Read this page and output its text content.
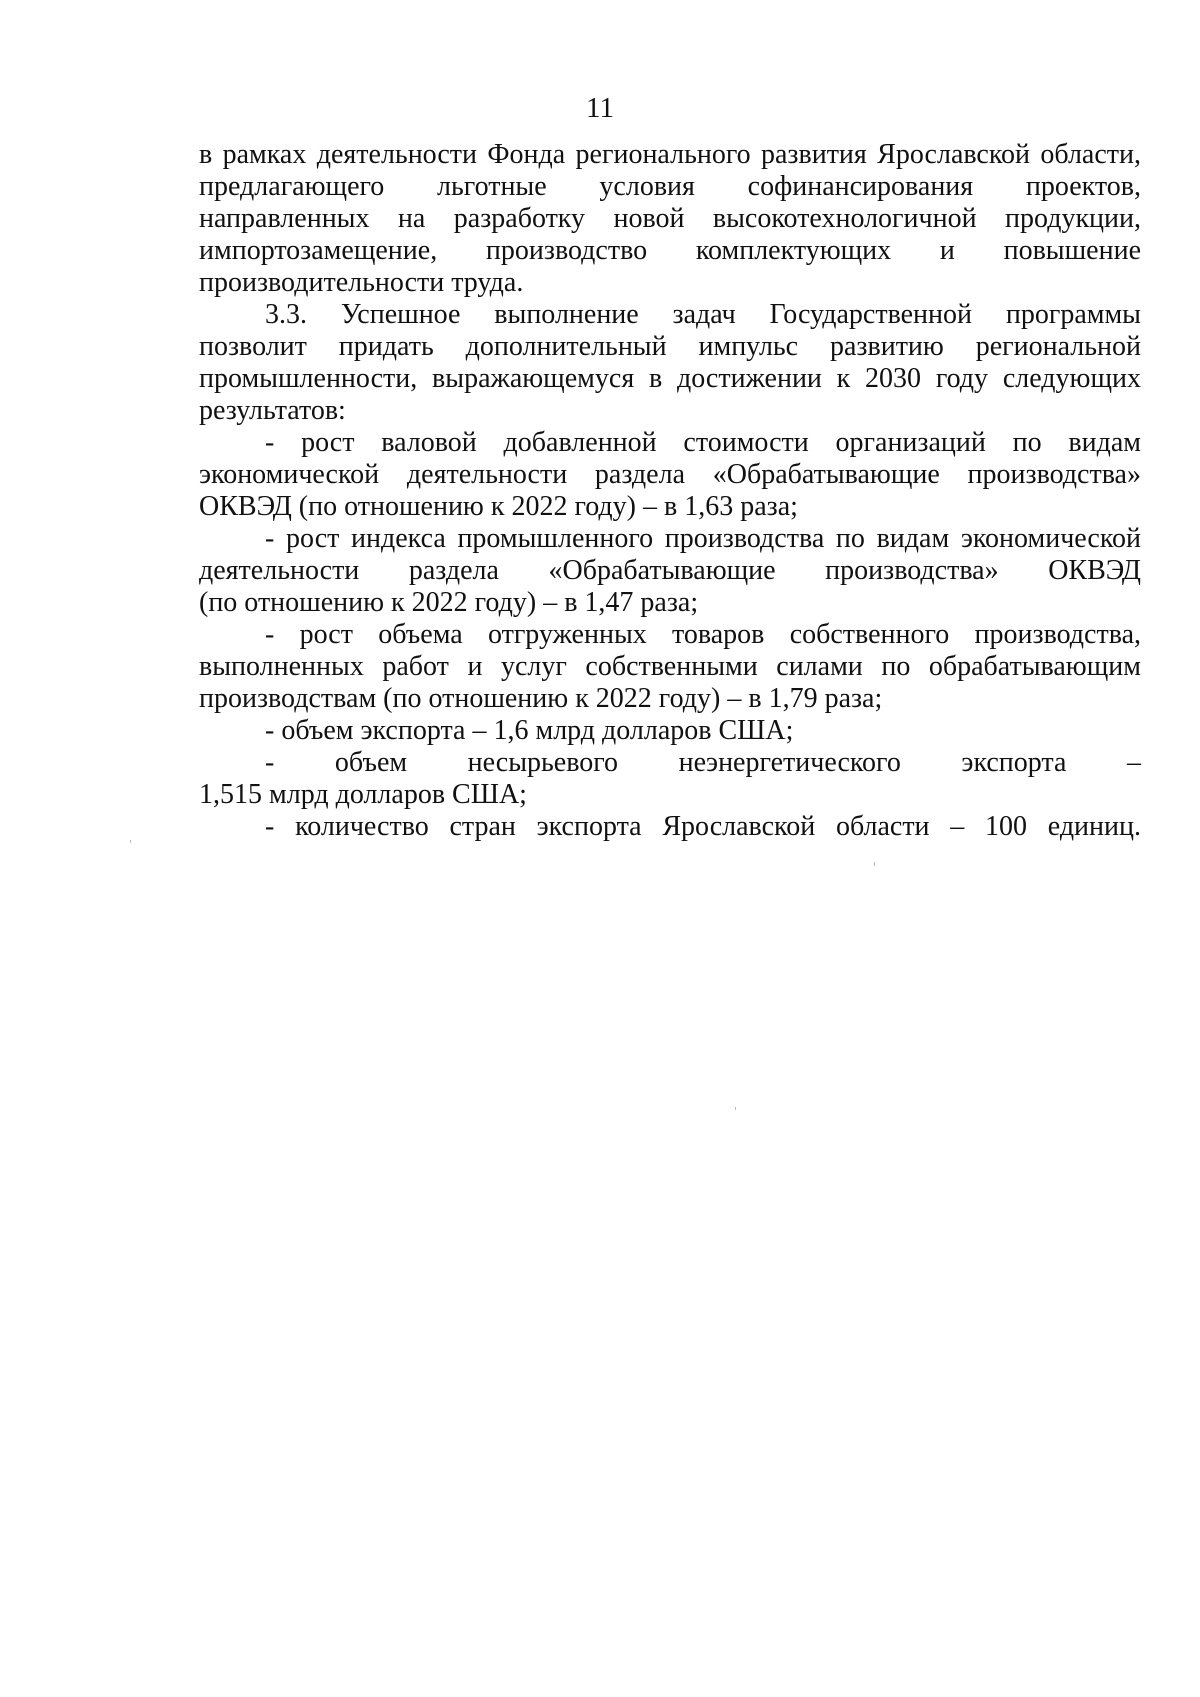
11
в рамках деятельности Фонда регионального развития Ярославской области,
предлагающего льготные условия софинансирования проектов,
направленных на разработку новой высокотехнологичной продукции,
импортозамещение, производство комплектующих и повышение
производительности труда.
3.3. Успешное выполнение задач Государственной программы
позволит придать дополнительный импульс развитию региональной
промышленности, выражающемуся в достижении к 2030 году следующих
результатов:
- рост валовой добавленной стоимости организаций по видам
экономической деятельности раздела «Обрабатывающие производства»
ОКВЭД (по отношению к 2022 году) – в 1,63 раза;
- рост индекса промышленного производства по видам экономической
деятельности раздела «Обрабатывающие производства» ОКВЭД
(по отношению к 2022 году) – в 1,47 раза;
- рост объема отгруженных товаров собственного производства,
выполненных работ и услуг собственными силами по обрабатывающим
производствам (по отношению к 2022 году) – в 1,79 раза;
- объем экспорта – 1,6 млрд долларов США;
- объем несырьевого неэнергетического экспорта –
1,515 млрд долларов США;
- количество стран экспорта Ярославской области – 100 единиц.
